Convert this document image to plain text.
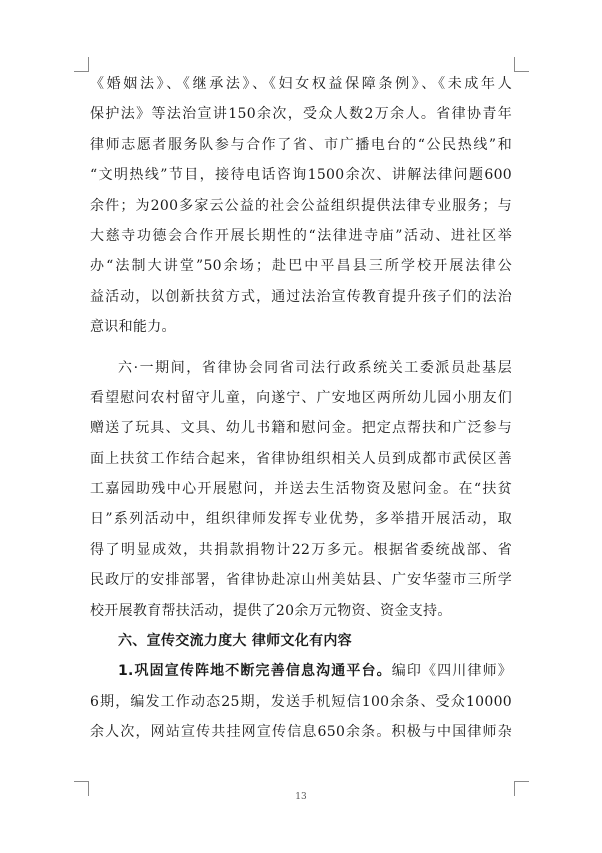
《婚姻法》、《继承法》、《妇女权益保障条例》、《未成年人
保护法》等法治宣讲150余次，受众人数2万余人。省律协青年
律师志愿者服务队参与合作了省、市广播电台的“公民热线”和
“文明热线”节目，接待电话咨询1500余次、讲解法律问题600
余件；为200多家云公益的社会公益组织提供法律专业服务；与
大慈寺功德会合作开展长期性的“法律进寺庙”活动、进社区举
办“法制大讲堂”50余场；赴巴中平昌县三所学校开展法律公
益活动，以创新扶贫方式，通过法治宣传教育提升孩子们的法治
意识和能力。
六·一期间，省律协会同省司法行政系统关工委派员赴基层
看望慰问农村留守儿童，向遂宁、广安地区两所幼儿园小朋友们
赠送了玩具、文具、幼儿书籍和慰问金。把定点帮扶和广泛参与
面上扶贫工作结合起来，省律协组织相关人员到成都市武侯区善
工嘉园助残中心开展慰问，并送去生活物资及慰问金。在“扶贫
日”系列活动中，组织律师发挥专业优势，多举措开展活动，取
得了明显成效，共捐款捐物计22万多元。根据省委统战部、省
民政厅的安排部署，省律协赴凉山州美姑县、广安华蓥市三所学
校开展教育帮扶活动，提供了20余万元物资、资金支持。
六、宣传交流力度大 律师文化有内容
1.巩固宣传阵地不断完善信息沟通平台。编印《四川律师》
6期，编发工作动态25期，发送手机短信100余条、受众10000
余人次，网站宣传共挂网宣传信息650余条。积极与中国律师杂
13
